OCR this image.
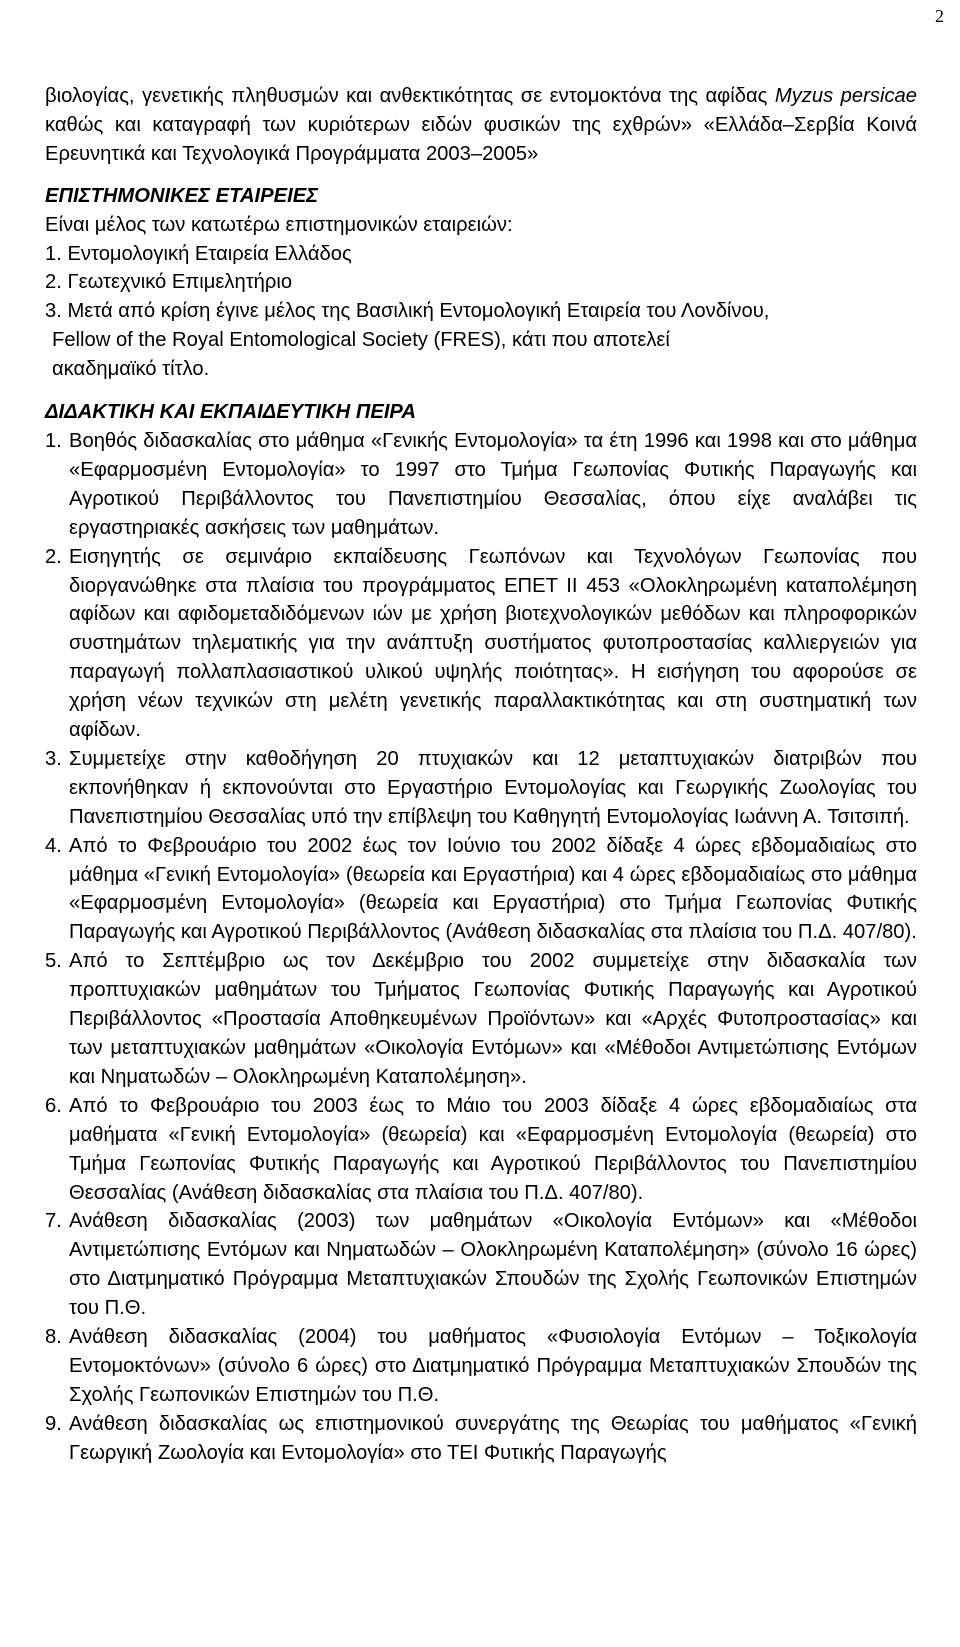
2

βιολογίας, γενετικής πληθυσμών και ανθεκτικότητας σε εντομοκτόνα της αφίδας Myzus persicae καθώς και καταγραφή των κυριότερων ειδών φυσικών της εχθρών» «Ελλάδα–Σερβία Κοινά Ερευνητικά και Τεχνολογικά Προγράμματα 2003–2005»

ΕΠΙΣΤΗΜΟΝΙΚΕΣ ΕΤΑΙΡΕΙΕΣ

Είναι μέλος των κατωτέρω επιστημονικών εταιρειών:

1. Εντομολογική Εταιρεία Ελλάδος
2. Γεωτεχνικό Επιμελητήριο
3. Μετά από κρίση έγινε μέλος της Βασιλική Εντομολογική Εταιρεία του Λονδίνου,
Fellow of the Royal Entomological Society (FRES), κάτι που αποτελεί
ακαδημαϊκό τίτλο.

ΔΙΔΑΚΤΙΚΗ ΚΑΙ ΕΚΠΑΙΔΕΥΤΙΚΗ ΠΕΙΡΑ

1. Βοηθός διδασκαλίας στο μάθημα «Γενικής Εντομολογία» τα έτη 1996 και 1998 και στο μάθημα «Εφαρμοσμένη Εντομολογία» το 1997 στο Τμήμα Γεωπονίας Φυτικής Παραγωγής και Αγροτικού Περιβάλλοντος του Πανεπιστημίου Θεσσαλίας, όπου είχε αναλάβει τις εργαστηριακές ασκήσεις των μαθημάτων.
2. Εισηγητής σε σεμινάριο εκπαίδευσης Γεωπόνων και Τεχνολόγων Γεωπονίας που διοργανώθηκε στα πλαίσια του προγράμματος ΕΠΕΤ ΙΙ 453 «Ολοκληρωμένη καταπολέμηση αφίδων και αφιδομεταδιδόμενων ιών με χρήση βιοτεχνολογικών μεθόδων και πληροφορικών συστημάτων τηλεματικής για την ανάπτυξη συστήματος φυτοπροστασίας καλλιεργειών για παραγωγή πολλαπλασιαστικού υλικού υψηλής ποιότητας». Η εισήγηση του αφορούσε σε χρήση νέων τεχνικών στη μελέτη γενετικής παραλλακτικότητας και στη συστηματική των αφίδων.
3. Συμμετείχε στην καθοδήγηση 20 πτυχιακών και 12 μεταπτυχιακών διατριβών που εκπονήθηκαν ή εκπονούνται στο Εργαστήριο Εντομολογίας και Γεωργικής Ζωολογίας του Πανεπιστημίου Θεσσαλίας υπό την επίβλεψη του Καθηγητή Εντομολογίας Ιωάννη Α. Τσιτσιπή.
4. Από το Φεβρουάριο του 2002 έως τον Ιούνιο του 2002 δίδαξε 4 ώρες εβδομαδιαίως στο μάθημα «Γενική Εντομολογία» (θεωρεία και Εργαστήρια) και 4 ώρες εβδομαδιαίως στο μάθημα «Εφαρμοσμένη Εντομολογία» (θεωρεία και Εργαστήρια) στο Τμήμα Γεωπονίας Φυτικής Παραγωγής και Αγροτικού Περιβάλλοντος (Ανάθεση διδασκαλίας στα πλαίσια του Π.Δ. 407/80).
5. Από το Σεπτέμβριο ως τον Δεκέμβριο του 2002 συμμετείχε στην διδασκαλία των προπτυχιακών μαθημάτων του Τμήματος Γεωπονίας Φυτικής Παραγωγής και Αγροτικού Περιβάλλοντος «Προστασία Αποθηκευμένων Προϊόντων» και «Αρχές Φυτοπροστασίας» και των μεταπτυχιακών μαθημάτων «Οικολογία Εντόμων» και «Μέθοδοι Αντιμετώπισης Εντόμων και Νηματωδών – Ολοκληρωμένη Καταπολέμηση».
6. Από το Φεβρουάριο του 2003 έως το Μάιο του 2003 δίδαξε 4 ώρες εβδομαδιαίως στα μαθήματα «Γενική Εντομολογία» (θεωρεία) και «Εφαρμοσμένη Εντομολογία (θεωρεία) στο Τμήμα Γεωπονίας Φυτικής Παραγωγής και Αγροτικού Περιβάλλοντος του Πανεπιστημίου Θεσσαλίας (Ανάθεση διδασκαλίας στα πλαίσια του Π.Δ. 407/80).
7. Ανάθεση διδασκαλίας (2003) των μαθημάτων «Οικολογία Εντόμων» και «Μέθοδοι Αντιμετώπισης Εντόμων και Νηματωδών – Ολοκληρωμένη Καταπολέμηση» (σύνολο 16 ώρες) στο Διατμηματικό Πρόγραμμα Μεταπτυχιακών Σπουδών της Σχολής Γεωπονικών Επιστημών του Π.Θ.
8. Ανάθεση διδασκαλίας (2004) του μαθήματος «Φυσιολογία Εντόμων – Τοξικολογία Εντομοκτόνων» (σύνολο 6 ώρες) στο Διατμηματικό Πρόγραμμα Μεταπτυχιακών Σπουδών της Σχολής Γεωπονικών Επιστημών του Π.Θ.
9. Ανάθεση διδασκαλίας ως επιστημονικού συνεργάτης της Θεωρίας του μαθήματος «Γενική Γεωργική Ζωολογία και Εντομολογία» στο ΤΕΙ Φυτικής Παραγωγής
